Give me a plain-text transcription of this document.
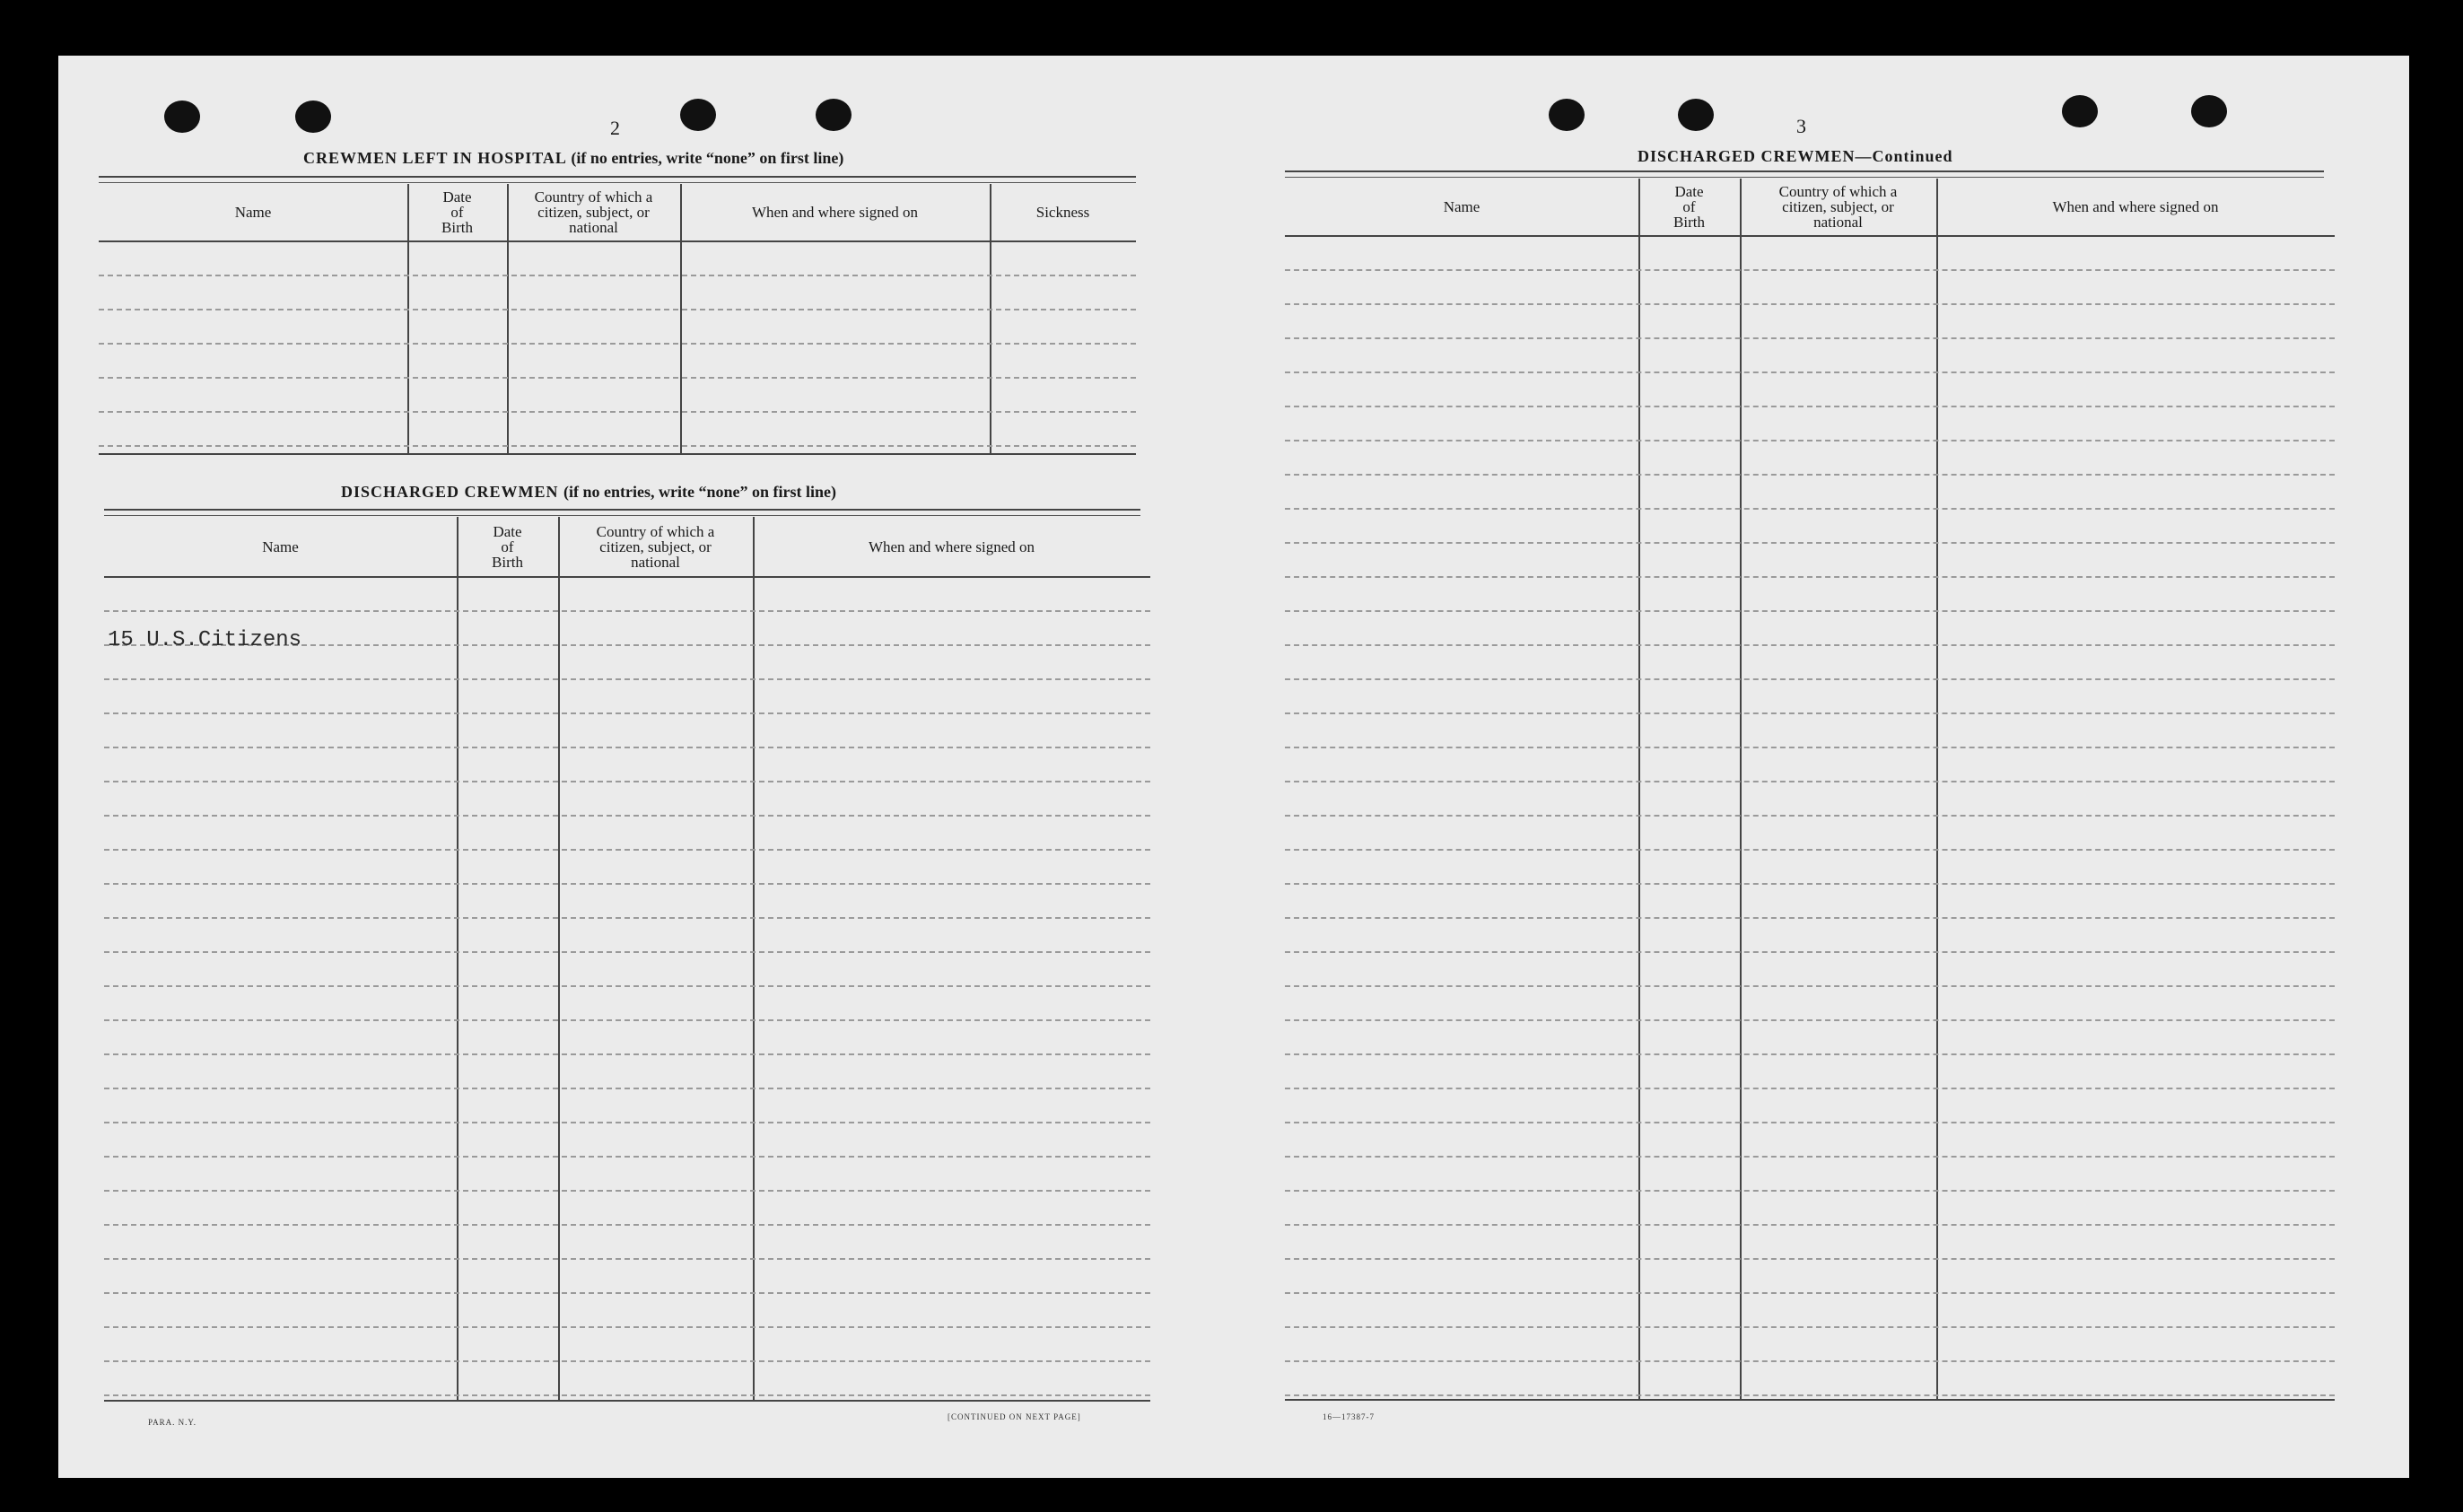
2
CREWMEN LEFT IN HOSPITAL (if no entries, write “none” on first line)
Name
Date
of
Birth
Country of which a
citizen, subject, or
national
When and where signed on	Sickness
DISCHARGED CREWMEN (if no entries, write “none” on first line)
Name
Date
of
Birth
Country of which a
citizen, subject, or
national
When and where signed on
15 U.S.Citizens
PARA. N.Y.
[CONTINUED ON NEXT PAGE]
3
DISCHARGED CREWMEN—Continued
Name
Date
of
Birth
Country of which a
citizen, subject, or
national
When and where signed on
16—17387-7
